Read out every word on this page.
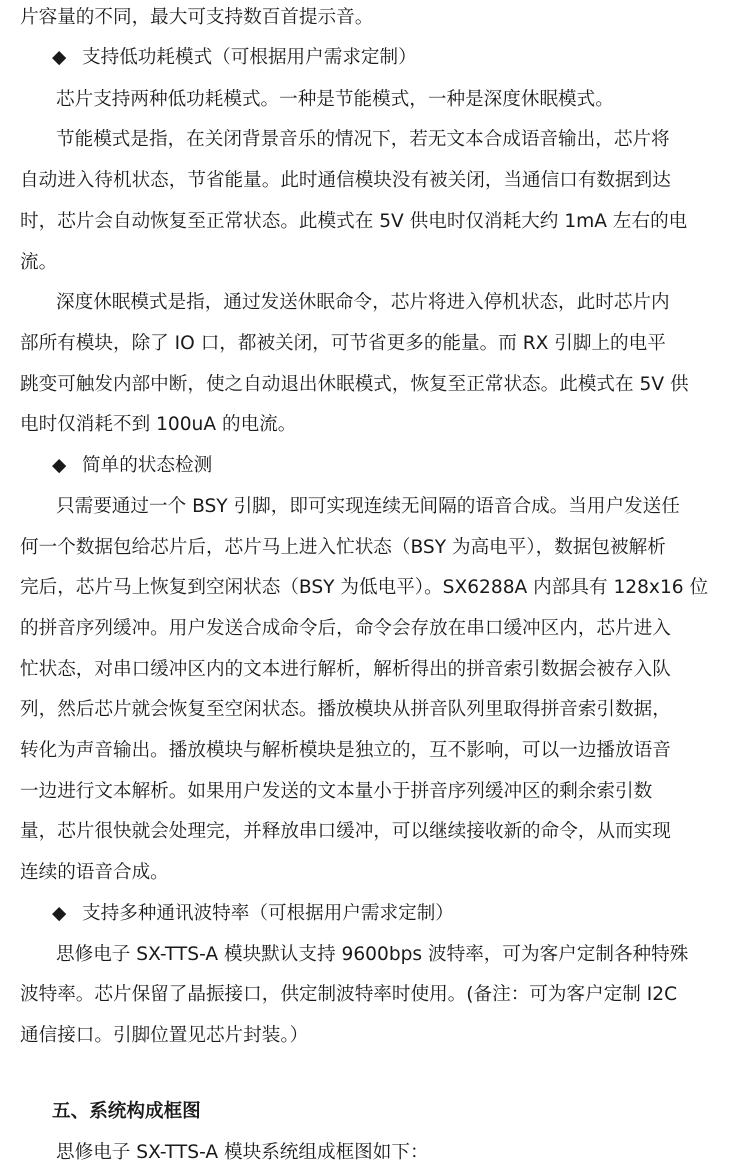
片容量的不同，最大可支持数百首提示音。
◆ 支持低功耗模式（可根据用户需求定制）
芯片支持两种低功耗模式。一种是节能模式，一种是深度休眠模式。
节能模式是指，在关闭背景音乐的情况下，若无文本合成语音输出，芯片将
自动进入待机状态，节省能量。此时通信模块没有被关闭，当通信口有数据到达
时，芯片会自动恢复至正常状态。此模式在 5V 供电时仅消耗大约 1mA 左右的电
流。
深度休眠模式是指，通过发送休眠命令，芯片将进入停机状态，此时芯片内
部所有模块，除了 IO 口，都被关闭，可节省更多的能量。而 RX 引脚上的电平
跳变可触发内部中断，使之自动退出休眠模式，恢复至正常状态。此模式在 5V 供
电时仅消耗不到 100uA 的电流。
◆ 简单的状态检测
只需要通过一个 BSY 引脚，即可实现连续无间隔的语音合成。当用户发送任
何一个数据包给芯片后，芯片马上进入忙状态（BSY 为高电平），数据包被解析
完后，芯片马上恢复到空闲状态（BSY 为低电平）。SX6288A 内部具有 128x16 位
的拼音序列缓冲。用户发送合成命令后，命令会存放在串口缓冲区内，芯片进入
忙状态，对串口缓冲区内的文本进行解析，解析得出的拼音索引数据会被存入队
列，然后芯片就会恢复至空闲状态。播放模块从拼音队列里取得拼音索引数据，
转化为声音输出。播放模块与解析模块是独立的，互不影响，可以一边播放语音
一边进行文本解析。如果用户发送的文本量小于拼音序列缓冲区的剩余索引数
量，芯片很快就会处理完，并释放串口缓冲，可以继续接收新的命令，从而实现
连续的语音合成。
◆ 支持多种通讯波特率（可根据用户需求定制）
思修电子 SX-TTS-A 模块默认支持 9600bps 波特率，可为客户定制各种特殊
波特率。芯片保留了晶振接口，供定制波特率时使用。(备注：可为客户定制 I2C
通信接口。引脚位置见芯片封装。）
五、系统构成框图
思修电子 SX-TTS-A 模块系统组成框图如下：
